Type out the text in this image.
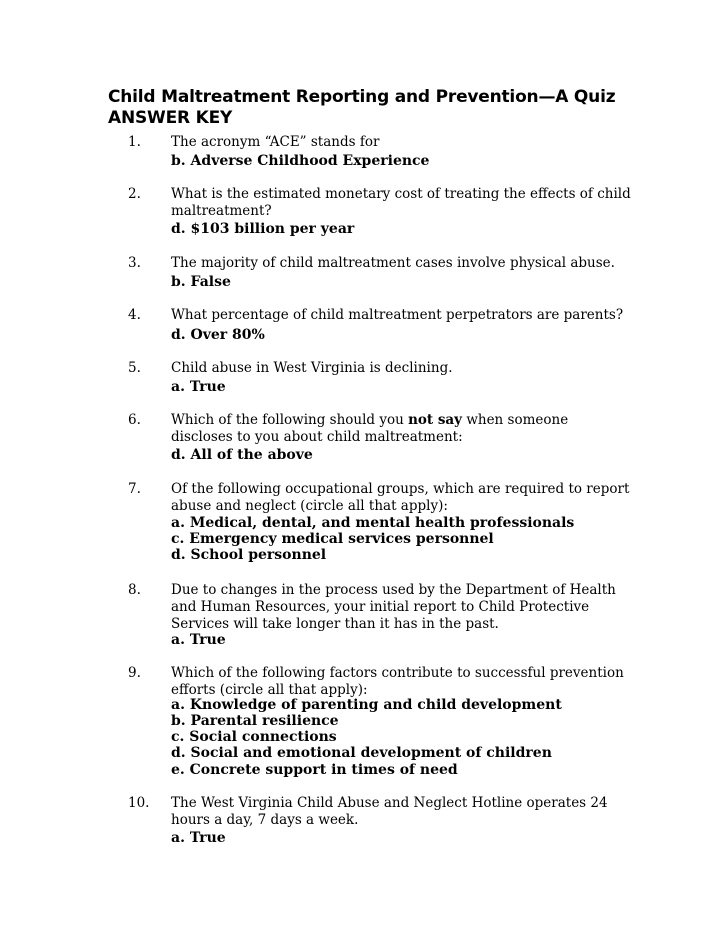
Child Maltreatment Reporting and Prevention—A Quiz
ANSWER KEY
1. The acronym “ACE” stands for
b. Adverse Childhood Experience
2. What is the estimated monetary cost of treating the effects of child maltreatment?
d. $103 billion per year
3. The majority of child maltreatment cases involve physical abuse.
b. False
4. What percentage of child maltreatment perpetrators are parents?
d. Over 80%
5. Child abuse in West Virginia is declining.
a. True
6. Which of the following should you not say when someone discloses to you about child maltreatment:
d. All of the above
7. Of the following occupational groups, which are required to report abuse and neglect (circle all that apply):
a. Medical, dental, and mental health professionals
c. Emergency medical services personnel
d. School personnel
8. Due to changes in the process used by the Department of Health and Human Resources, your initial report to Child Protective Services will take longer than it has in the past.
a. True
9. Which of the following factors contribute to successful prevention efforts (circle all that apply):
a. Knowledge of parenting and child development
b. Parental resilience
c. Social connections
d. Social and emotional development of children
e. Concrete support in times of need
10. The West Virginia Child Abuse and Neglect Hotline operates 24 hours a day, 7 days a week.
a. True
